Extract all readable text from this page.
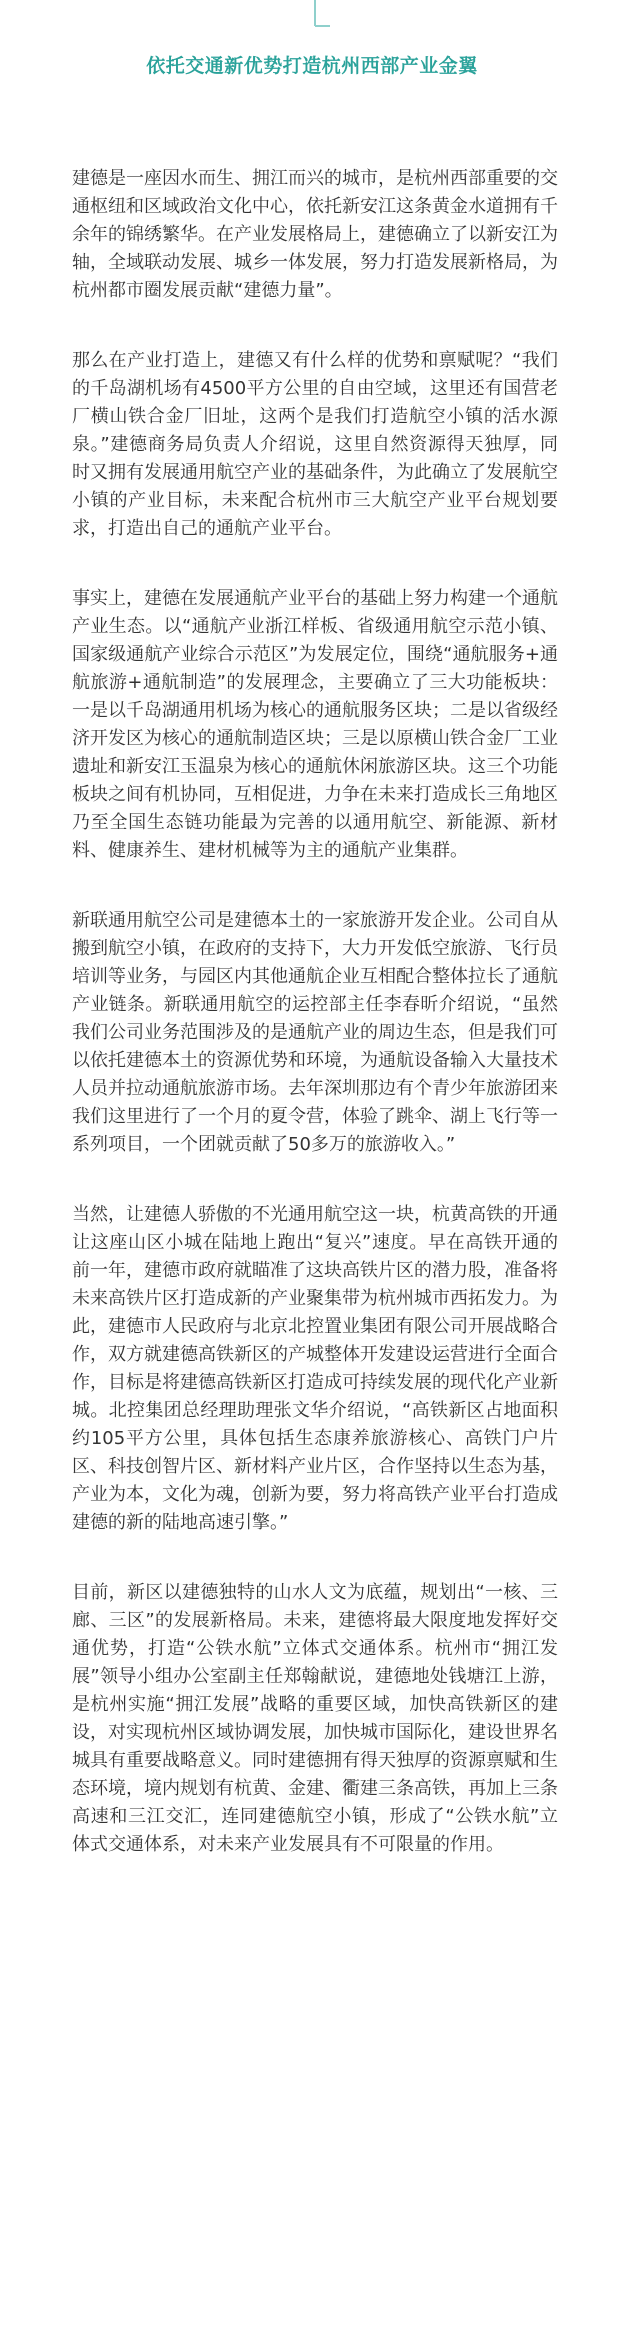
依托交通新优势打造杭州西部产业金翼

建德是一座因水而生、拥江而兴的城市，是杭州西部重要的交通枢纽和区域政治文化中心，依托新安江这条黄金水道拥有千余年的锦绣繁华。在产业发展格局上，建德确立了以新安江为轴，全域联动发展、城乡一体发展，努力打造发展新格局，为杭州都市圈发展贡献“建德力量”。

那么在产业打造上，建德又有什么样的优势和禀赋呢？“我们的千岛湖机场有4500平方公里的自由空域，这里还有国营老厂横山铁合金厂旧址，这两个是我们打造航空小镇的活水源泉。”建德商务局负责人介绍说，这里自然资源得天独厚，同时又拥有发展通用航空产业的基础条件，为此确立了发展航空小镇的产业目标，未来配合杭州市三大航空产业平台规划要求，打造出自己的通航产业平台。

事实上，建德在发展通航产业平台的基础上努力构建一个通航产业生态。以“通航产业浙江样板、省级通用航空示范小镇、国家级通航产业综合示范区”为发展定位，围绕“通航服务+通航旅游+通航制造”的发展理念，主要确立了三大功能板块：一是以千岛湖通用机场为核心的通航服务区块；二是以省级经济开发区为核心的通航制造区块；三是以原横山铁合金厂工业遗址和新安江玉温泉为核心的通航休闲旅游区块。这三个功能板块之间有机协同，互相促进，力争在未来打造成长三角地区乃至全国生态链功能最为完善的以通用航空、新能源、新材料、健康养生、建材机械等为主的通航产业集群。

新联通用航空公司是建德本土的一家旅游开发企业。公司自从搬到航空小镇，在政府的支持下，大力开发低空旅游、飞行员培训等业务，与园区内其他通航企业互相配合整体拉长了通航产业链条。新联通用航空的运控部主任李春昕介绍说，“虽然我们公司业务范围涉及的是通航产业的周边生态，但是我们可以依托建德本土的资源优势和环境，为通航设备输入大量技术人员并拉动通航旅游市场。去年深圳那边有个青少年旅游团来我们这里进行了一个月的夏令营，体验了跳伞、湖上飞行等一系列项目，一个团就贡献了50多万的旅游收入。”

当然，让建德人骄傲的不光通用航空这一块，杭黄高铁的开通让这座山区小城在陆地上跑出“复兴”速度。早在高铁开通的前一年，建德市政府就瞄准了这块高铁片区的潜力股，准备将未来高铁片区打造成新的产业聚集带为杭州城市西拓发力。为此，建德市人民政府与北京北控置业集团有限公司开展战略合作，双方就建德高铁新区的产城整体开发建设运营进行全面合作，目标是将建德高铁新区打造成可持续发展的现代化产业新城。北控集团总经理助理张文华介绍说，“高铁新区占地面积约105平方公里，具体包括生态康养旅游核心、高铁门户片区、科技创智片区、新材料产业片区，合作坚持以生态为基，产业为本，文化为魂，创新为要，努力将高铁产业平台打造成建德的新的陆地高速引擎。”

目前，新区以建德独特的山水人文为底蕴，规划出“一核、三廊、三区”的发展新格局。未来，建德将最大限度地发挥好交通优势，打造“公铁水航”立体式交通体系。杭州市“拥江发展”领导小组办公室副主任郑翰献说，建德地处钱塘江上游，是杭州实施“拥江发展”战略的重要区域，加快高铁新区的建设，对实现杭州区域协调发展，加快城市国际化，建设世界名城具有重要战略意义。同时建德拥有得天独厚的资源禀赋和生态环境，境内规划有杭黄、金建、衢建三条高铁，再加上三条高速和三江交汇，连同建德航空小镇，形成了“公铁水航”立体式交通体系，对未来产业发展具有不可限量的作用。
